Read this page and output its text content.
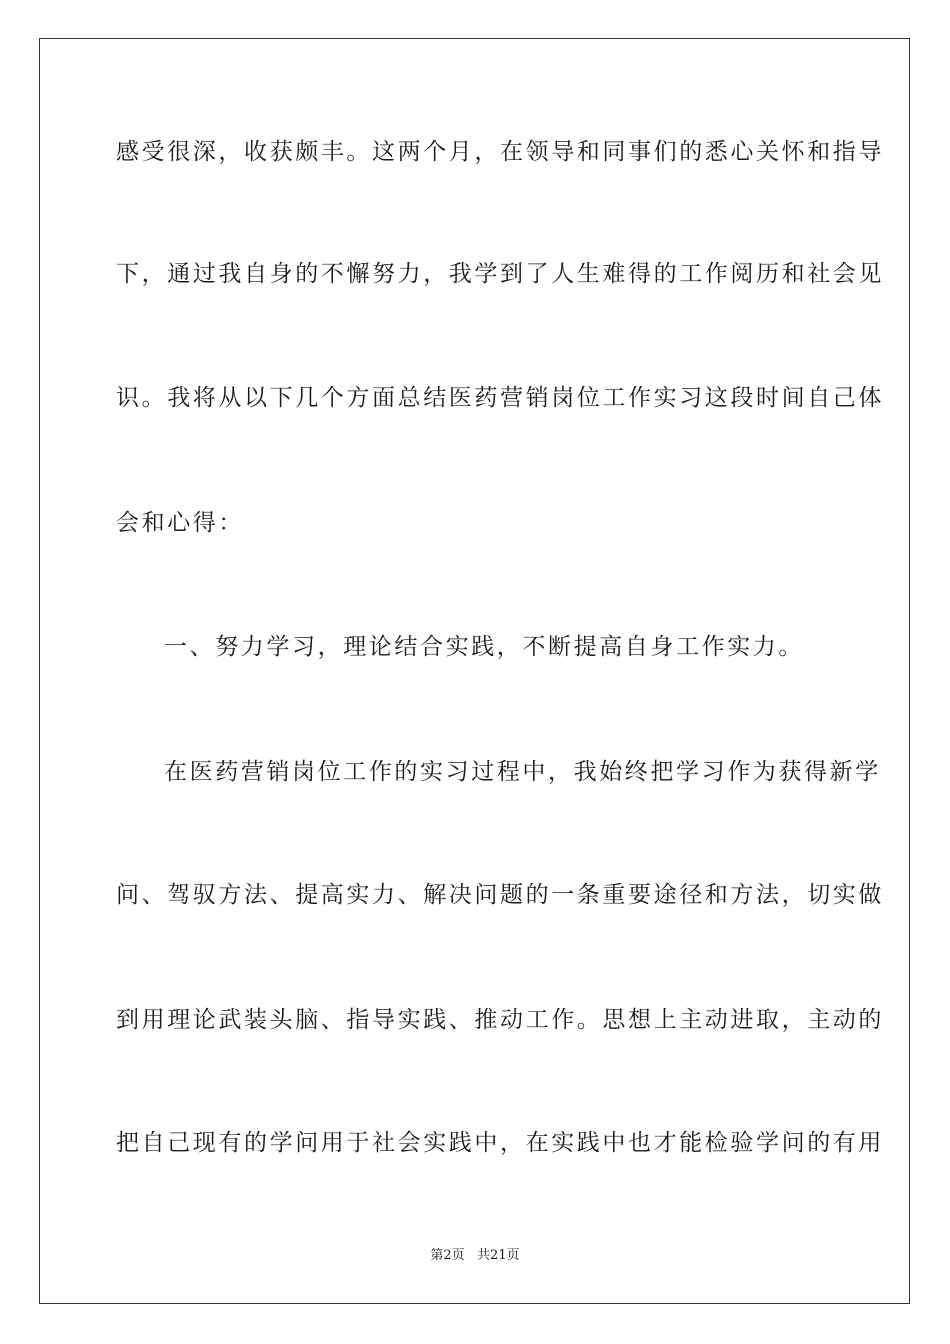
感受很深，收获颇丰。这两个月，在领导和同事们的悉心关怀和指导
下，通过我自身的不懈努力，我学到了人生难得的工作阅历和社会见
识。我将从以下几个方面总结医药营销岗位工作实习这段时间自己体
会和心得：
一、努力学习，理论结合实践，不断提高自身工作实力。
在医药营销岗位工作的实习过程中，我始终把学习作为获得新学
问、驾驭方法、提高实力、解决问题的一条重要途径和方法，切实做
到用理论武装头脑、指导实践、推动工作。思想上主动进取，主动的
把自己现有的学问用于社会实践中，在实践中也才能检验学问的有用
第2页   共21页
